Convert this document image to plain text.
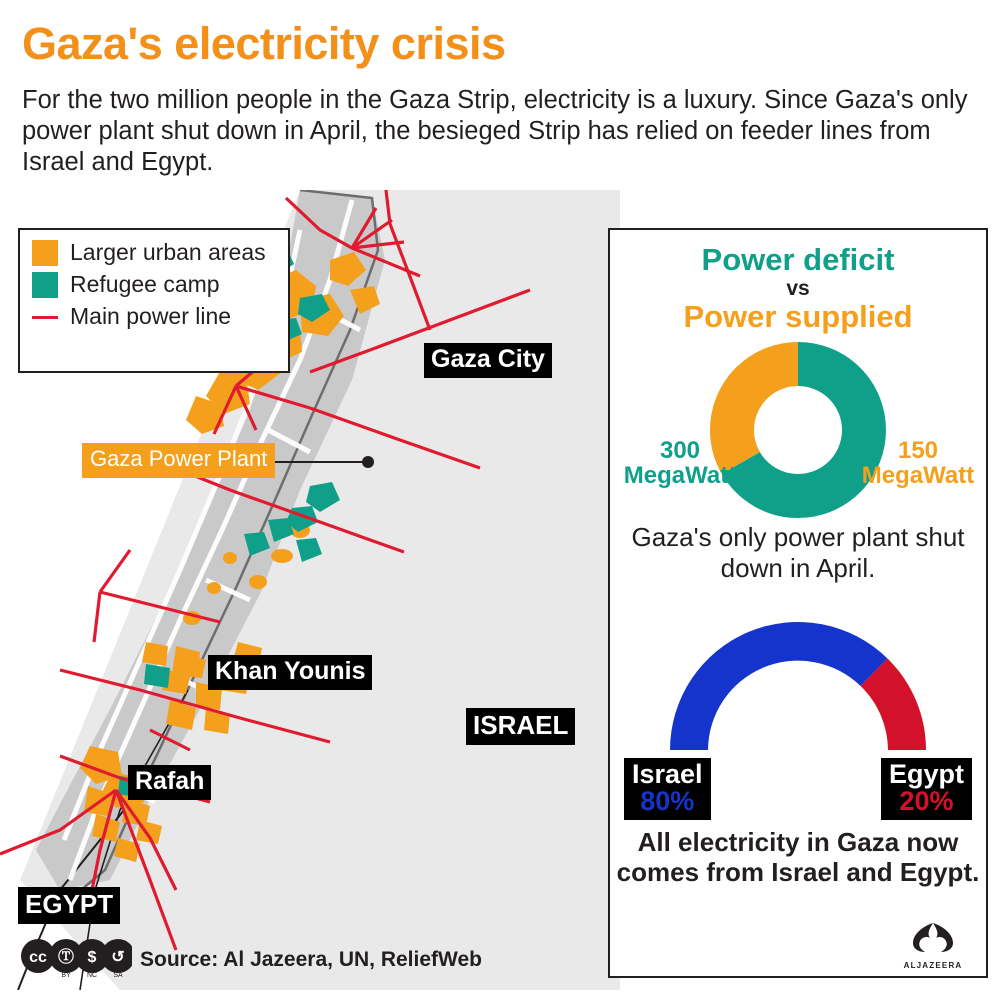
Gaza's electricity crisis
For the two million people in the Gaza Strip, electricity is a luxury. Since Gaza's only power plant shut down in April, the besieged Strip has relied on feeder lines from Israel and Egypt.
Larger urban areas
Refugee camp
Main power line
Gaza City
Khan Younis
Rafah
ISRAEL
EGYPT
Gaza Power Plant
cc Ⓣ $ ↺
BY NC SA
Source: Al Jazeera, UN, ReliefWeb
Power deficit
vs
Power supplied
300 MegaWatt
150 MegaWatt
Gaza's only power plant shut down in April.
Israel
80%
Egypt
20%
All electricity in Gaza now comes from Israel and Egypt.
ALJAZEERA
